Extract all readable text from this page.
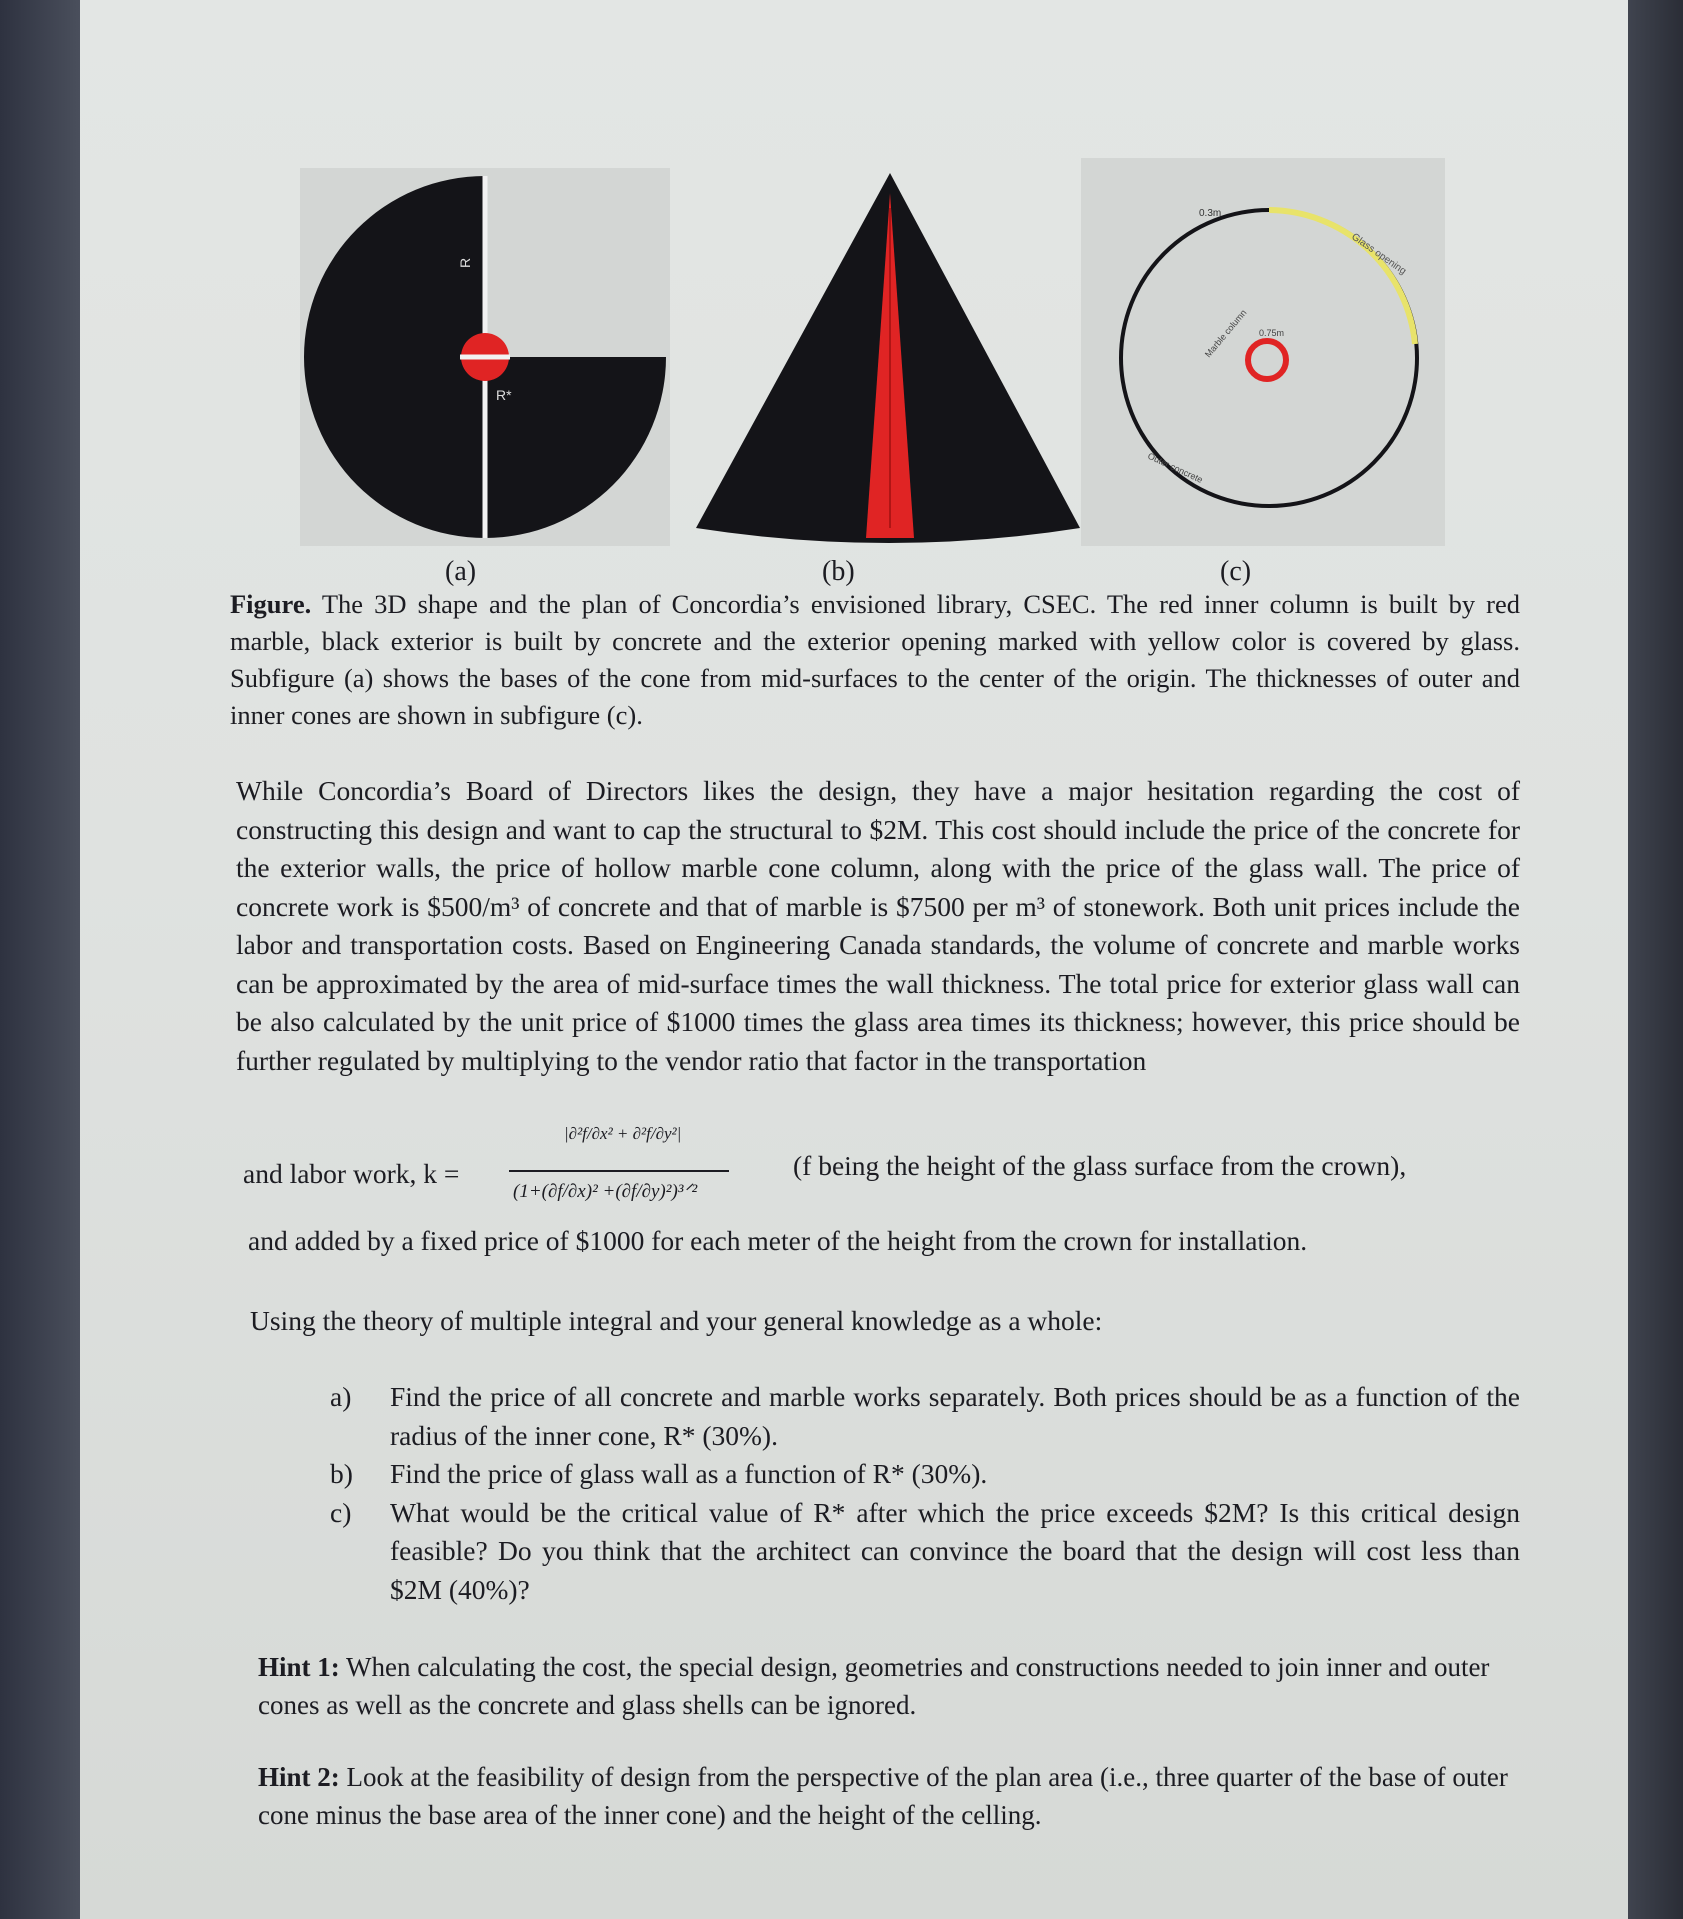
R
R*
0.3m
Glass opening
Marble column 0.75m
Outer concrete
(a)	(b)	(c)
Figure. The 3D shape and the plan of Concordia’s envisioned library, CSEC. The red inner column is built by red marble, black exterior is built by concrete and the exterior opening marked with yellow color is covered by glass. Subfigure (a) shows the bases of the cone from mid-surfaces to the center of the origin. The thicknesses of outer and inner cones are shown in subfigure (c).
While Concordia’s Board of Directors likes the design, they have a major hesitation regarding the cost of constructing this design and want to cap the structural to $2M. This cost should include the price of the concrete for the exterior walls, the price of hollow marble cone column, along with the price of the glass wall. The price of concrete work is $500/m³ of concrete and that of marble is $7500 per m³ of stonework. Both unit prices include the labor and transportation costs. Based on Engineering Canada standards, the volume of concrete and marble works can be approximated by the area of mid-surface times the wall thickness. The total price for exterior glass wall can be also calculated by the unit price of $1000 times the glass area times its thickness; however, this price should be further regulated by multiplying to the vendor ratio that factor in the transportation
and labor work, k =
|∂²f/∂x² + ∂²f/∂y²|
(1+(∂f/∂x)² +(∂f/∂y)²)³ᐟ²
(f being the height of the glass surface from the crown),
and added by a fixed price of $1000 for each meter of the height from the crown for installation.
Using the theory of multiple integral and your general knowledge as a whole:
a) Find the price of all concrete and marble works separately. Both prices should be as a function of the radius of the inner cone, R* (30%).
b) Find the price of glass wall as a function of R* (30%).
c) What would be the critical value of R* after which the price exceeds $2M? Is this critical design feasible? Do you think that the architect can convince the board that the design will cost less than $2M (40%)?
Hint 1: When calculating the cost, the special design, geometries and constructions needed to join inner and outer cones as well as the concrete and glass shells can be ignored.
Hint 2: Look at the feasibility of design from the perspective of the plan area (i.e., three quarter of the base of outer cone minus the base area of the inner cone) and the height of the celling.
